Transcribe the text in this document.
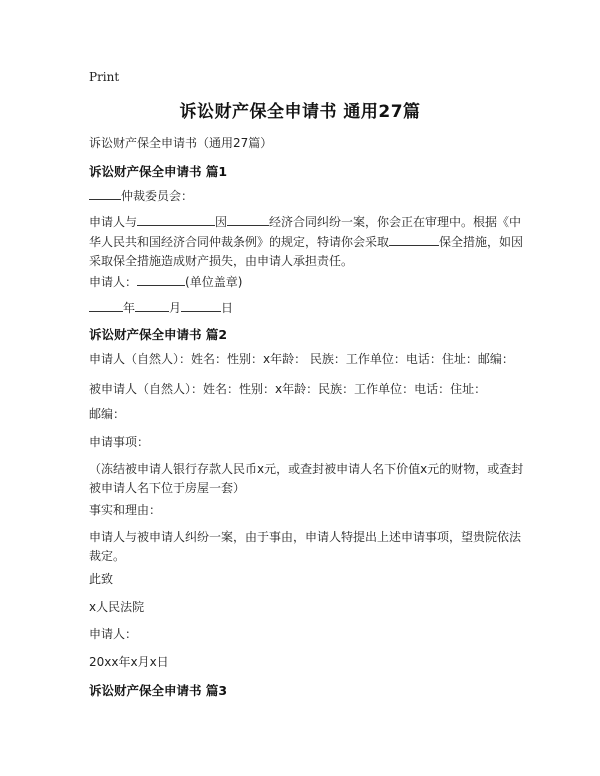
Print
诉讼财产保全申请书 通用27篇
诉讼财产保全申请书（通用27篇）
诉讼财产保全申请书 篇1

仲裁委员会：

申请人与	因	经济合同纠纷一案，你会正在审理中。根据《中华人民共和国经济合同仲裁条例》的规定，特请你会采取	保全措施，如因采取保全措施造成财产损失，由申请人承担责任。

申请人：	(单位盖章)

年	月	日

诉讼财产保全申请书 篇2

申请人（自然人）：姓名：性别：x年龄： 民族：工作单位：电话：住址：邮编：

被申请人（自然人）：姓名：性别：x年龄：民族：工作单位：电话：住址：

邮编：

申请事项：

（冻结被申请人银行存款人民币x元，或查封被申请人名下价值x元的财物，或查封被申请人名下位于房屋一套）

事实和理由：

申请人与被申请人纠纷一案，由于事由，申请人特提出上述申请事项，望贵院依法裁定。

此致

x人民法院

申请人：

20xx年x月x日

诉讼财产保全申请书 篇3
